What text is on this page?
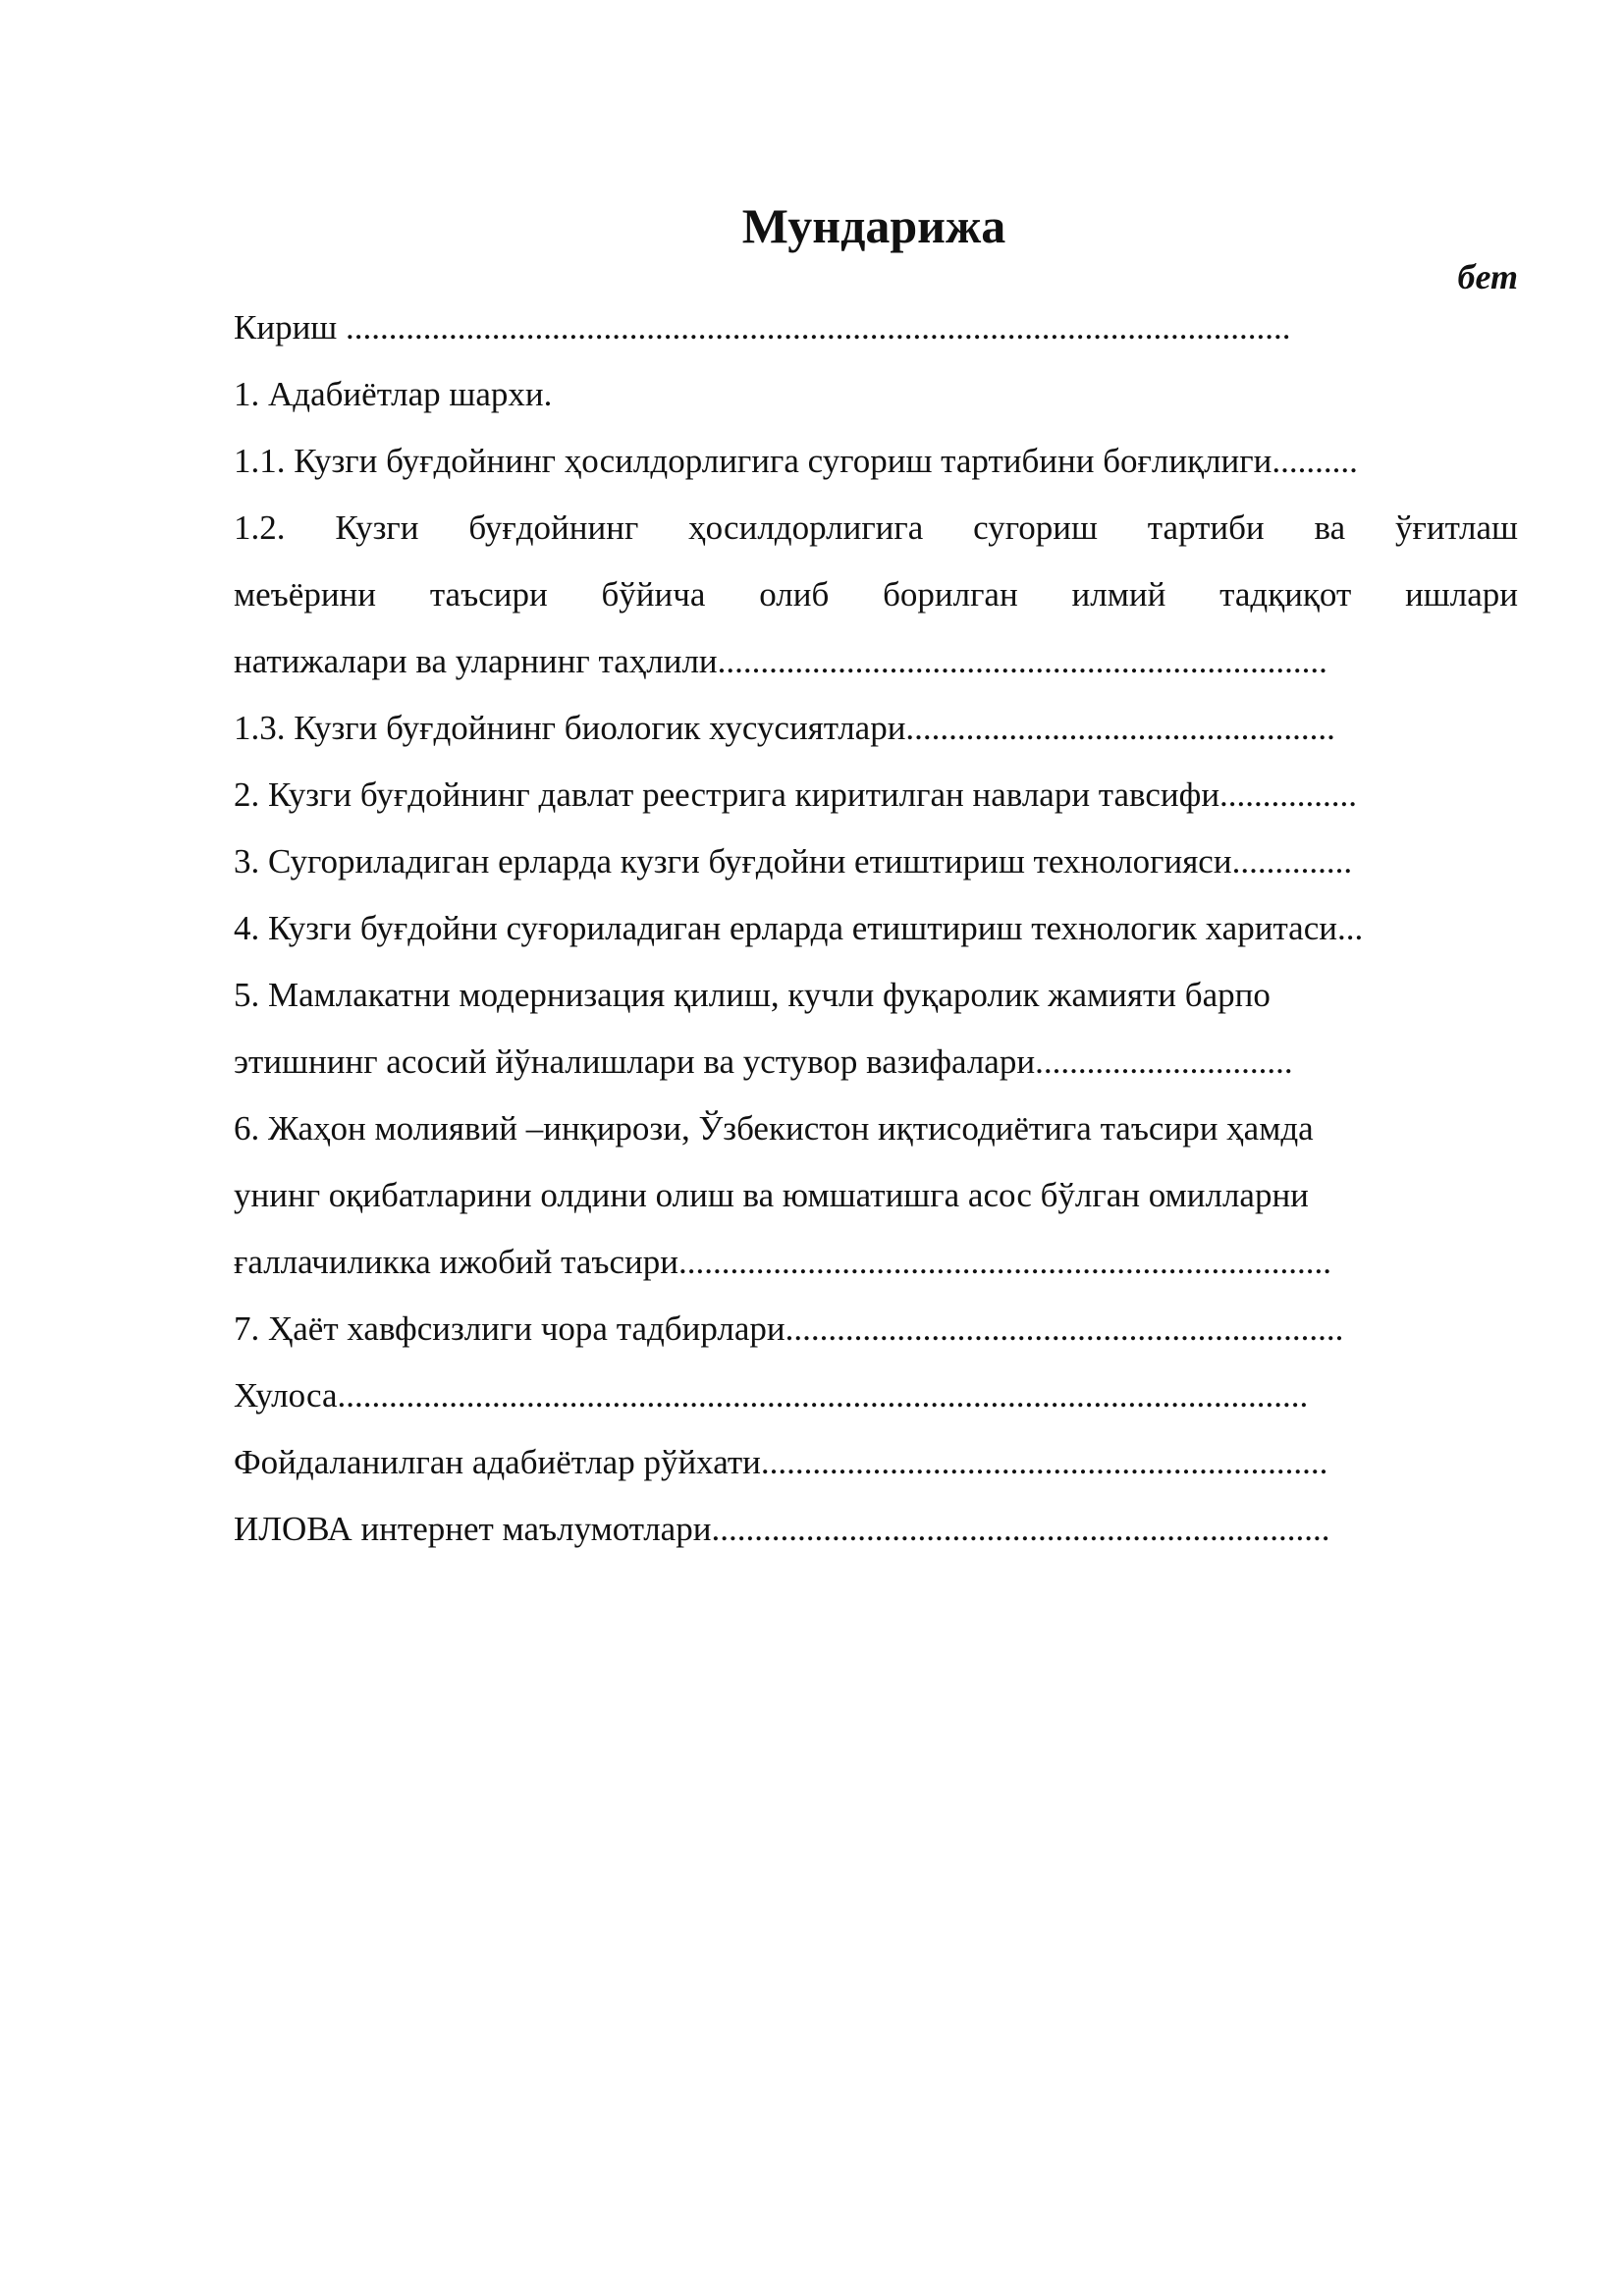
Мундарижа
бет
Кириш ..............................................................................................................
1. Адабиётлар шархи.
1.1. Кузги буғдойнинг ҳосилдорлигига сугориш тартибини боғлиқлиги..........
1.2. Кузги буғдойнинг ҳосилдорлигига сугориш тартиби ва ўғитлаш
меъёрини таъсири бўйича олиб борилган илмий тадқиқот ишлари
натижалари ва уларнинг таҳлили.......................................................................
1.3. Кузги буғдойнинг биологик хусусиятлари..................................................
2. Кузги буғдойнинг давлат реестрига киритилган навлари тавсифи................
3. Сугориладиган ерларда кузги буғдойни етиштириш технологияси..............
4. Кузги буғдойни суғориладиган ерларда етиштириш технологик харитаси...
5. Мамлакатни модернизация қилиш, кучли фуқаролик жамияти барпо
этишнинг асосий йўналишлари ва устувор вазифалари..............................
6. Жаҳон молиявий –инқирози, Ўзбекистон иқтисодиётига таъсири ҳамда
унинг оқибатларини олдини олиш ва юмшатишга асос бўлган омилларни
ғаллачиликка ижобий таъсири............................................................................
7. Ҳаёт хавфсизлиги чора тадбирлари.................................................................
Хулоса.................................................................................................................
Фойдаланилган адабиётлар рўйхати..................................................................
ИЛОВА интернет маълумотлари........................................................................
